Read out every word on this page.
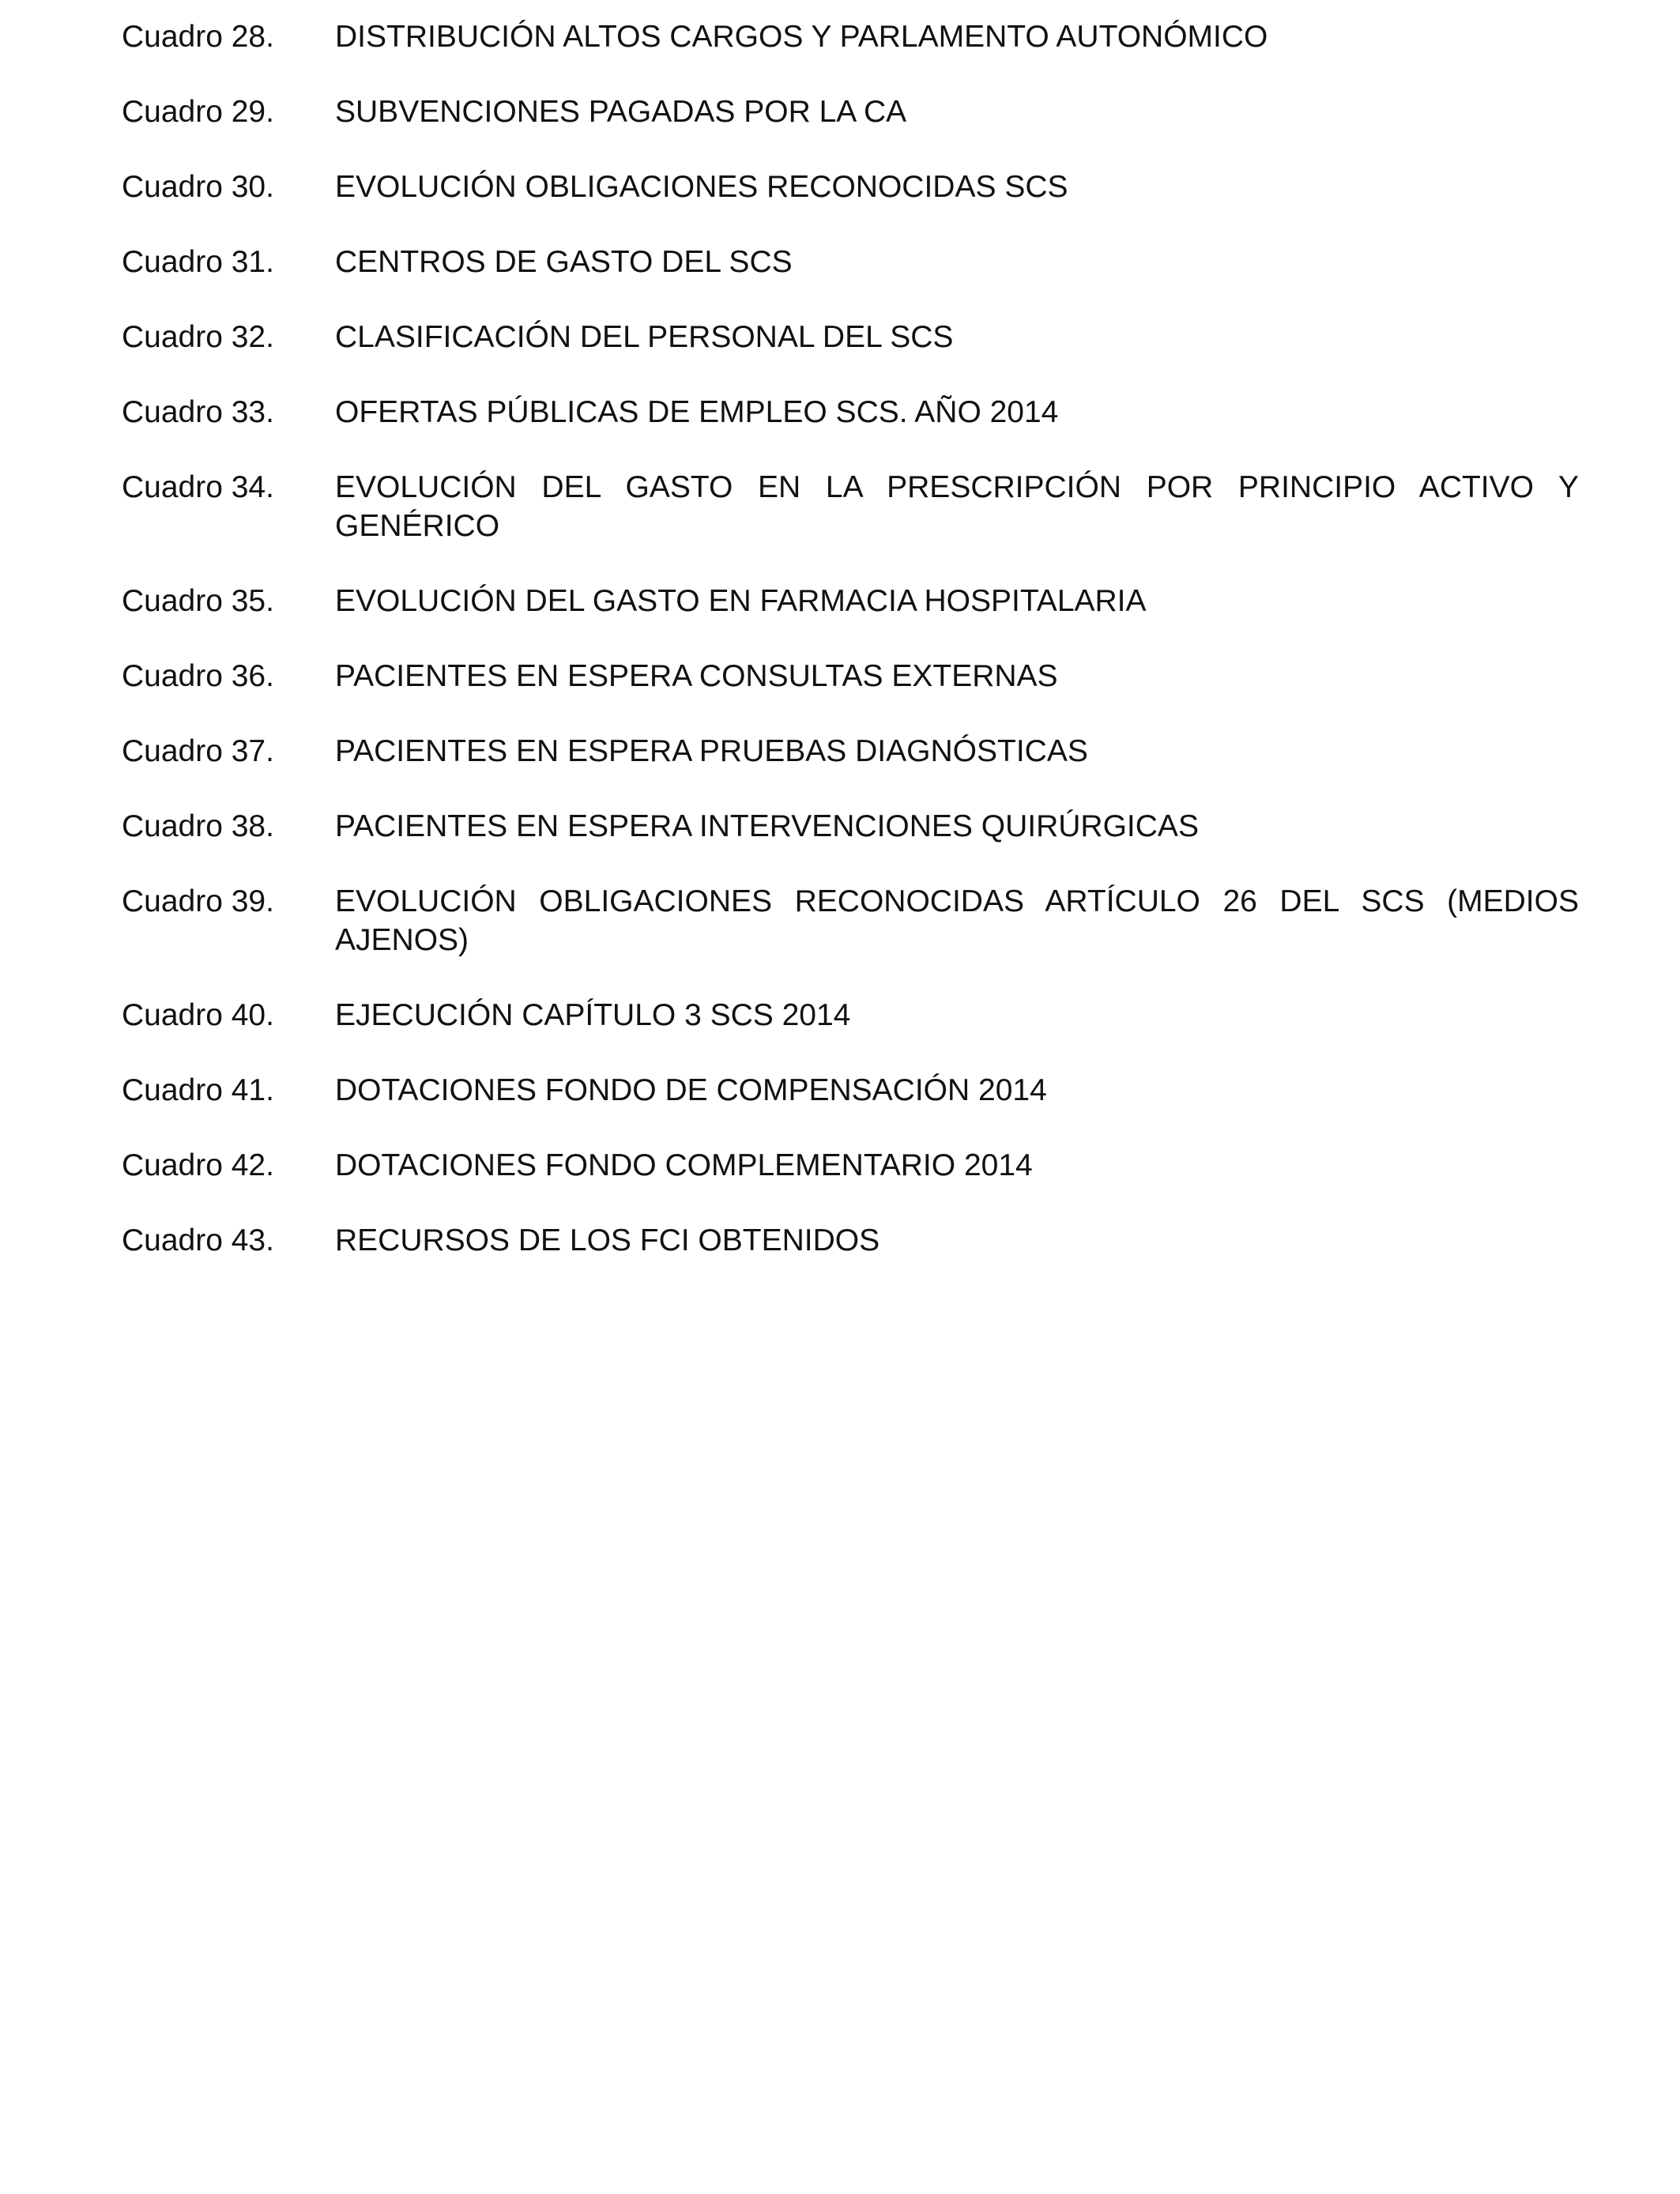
Cuadro 28.	DISTRIBUCIÓN ALTOS CARGOS Y PARLAMENTO AUTONÓMICO
Cuadro 29.	SUBVENCIONES PAGADAS POR LA CA
Cuadro 30.	EVOLUCIÓN OBLIGACIONES RECONOCIDAS SCS
Cuadro 31.	CENTROS DE GASTO DEL SCS
Cuadro 32.	CLASIFICACIÓN DEL PERSONAL DEL SCS
Cuadro 33.	OFERTAS PÚBLICAS DE EMPLEO SCS. AÑO 2014
Cuadro 34.	EVOLUCIÓN DEL GASTO EN LA PRESCRIPCIÓN POR PRINCIPIO ACTIVO Y GENÉRICO
Cuadro 35.	EVOLUCIÓN DEL GASTO EN FARMACIA HOSPITALARIA
Cuadro 36.	PACIENTES EN ESPERA CONSULTAS EXTERNAS
Cuadro 37.	PACIENTES EN ESPERA PRUEBAS DIAGNÓSTICAS
Cuadro 38.	PACIENTES EN ESPERA INTERVENCIONES QUIRÚRGICAS
Cuadro 39.	EVOLUCIÓN OBLIGACIONES RECONOCIDAS ARTÍCULO 26 DEL SCS (MEDIOS AJENOS)
Cuadro 40.	EJECUCIÓN CAPÍTULO 3 SCS 2014
Cuadro 41.	DOTACIONES FONDO DE COMPENSACIÓN 2014
Cuadro 42.	DOTACIONES FONDO COMPLEMENTARIO 2014
Cuadro 43.	RECURSOS DE LOS FCI OBTENIDOS
